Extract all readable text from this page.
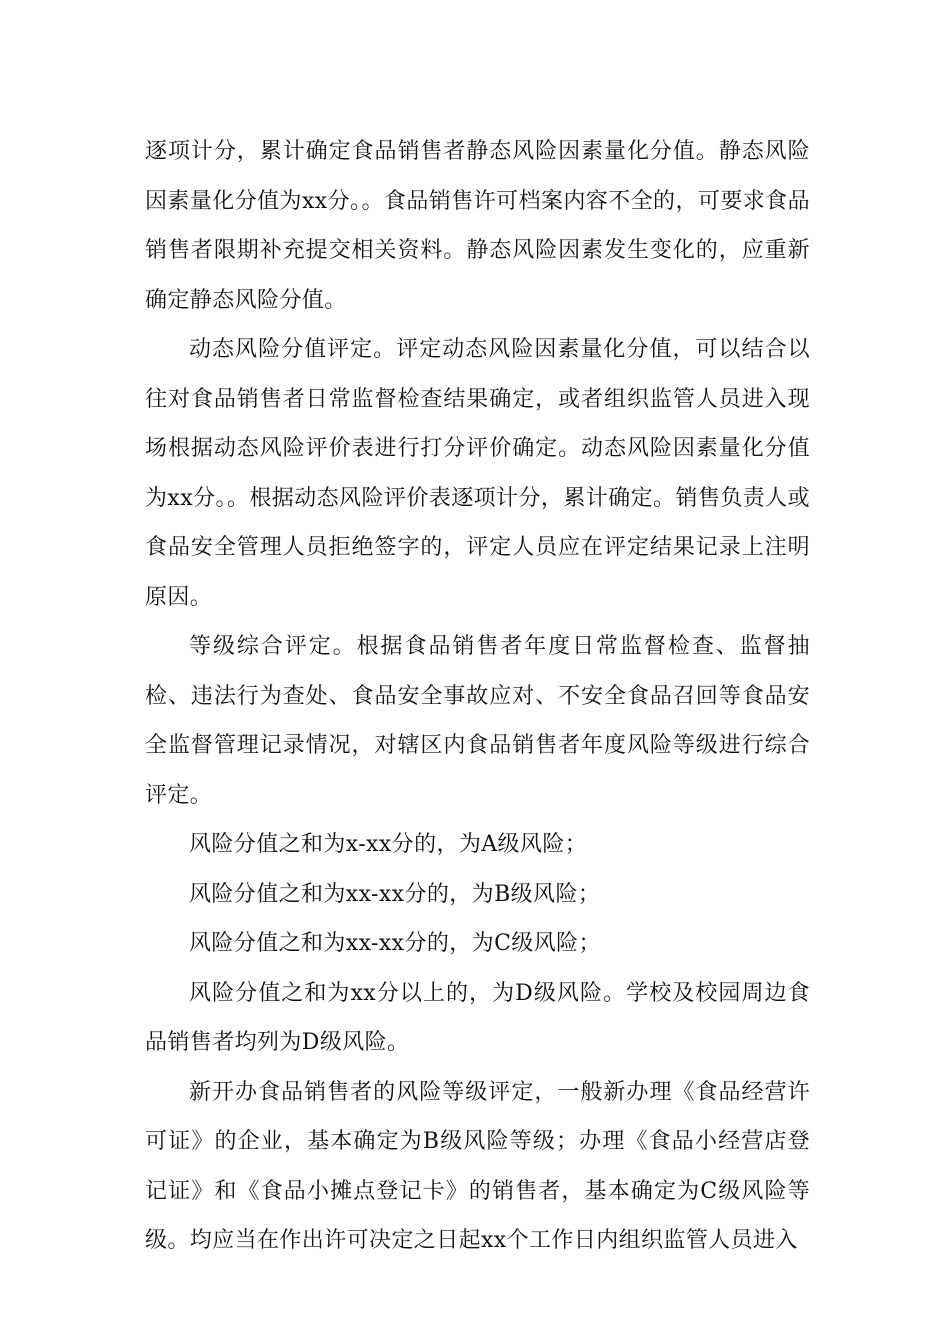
逐项计分，累计确定食品销售者静态风险因素量化分值。静态风险因素量化分值为xx分。。食品销售许可档案内容不全的，可要求食品销售者限期补充提交相关资料。静态风险因素发生变化的，应重新确定静态风险分值。

动态风险分值评定。评定动态风险因素量化分值，可以结合以往对食品销售者日常监督检查结果确定，或者组织监管人员进入现场根据动态风险评价表进行打分评价确定。动态风险因素量化分值为xx分。。根据动态风险评价表逐项计分，累计确定。销售负责人或食品安全管理人员拒绝签字的，评定人员应在评定结果记录上注明原因。

等级综合评定。根据食品销售者年度日常监督检查、监督抽检、违法行为查处、食品安全事故应对、不安全食品召回等食品安全监督管理记录情况，对辖区内食品销售者年度风险等级进行综合评定。

风险分值之和为x-xx分的，为A级风险；

风险分值之和为xx-xx分的，为B级风险；

风险分值之和为xx-xx分的，为C级风险；

风险分值之和为xx分以上的，为D级风险。学校及校园周边食品销售者均列为D级风险。

新开办食品销售者的风险等级评定，一般新办理《食品经营许可证》的企业，基本确定为B级风险等级；办理《食品小经营店登记证》和《食品小摊点登记卡》的销售者，基本确定为C级风险等级。均应当在作出许可决定之日起xx个工作日内组织监管人员进入
